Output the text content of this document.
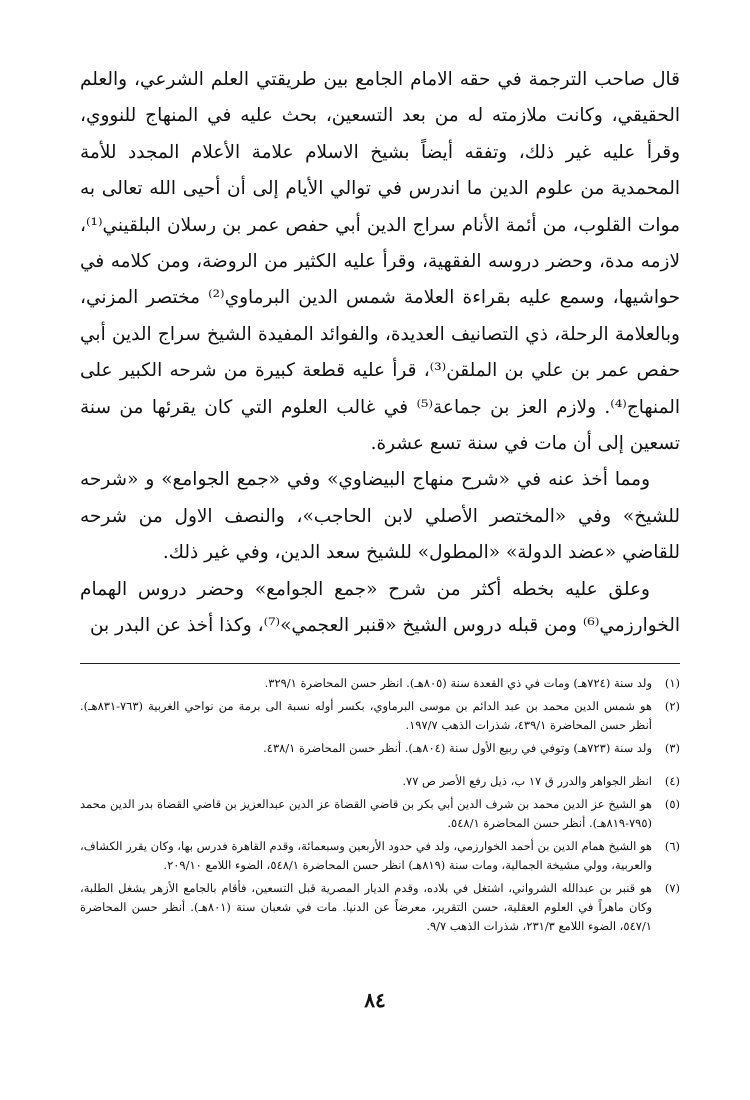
قال صاحب الترجمة في حقه الامام الجامع بين طريقتي العلم الشرعي، والعلم الحقيقي، وكانت ملازمته له من بعد التسعين، بحث عليه في المنهاج للنووي، وقرأ عليه غير ذلك، وتفقه أيضاً بشيخ الاسلام علامة الأعلام المجدد للأمة المحمدية من علوم الدين ما اندرس في توالي الأيام إلى أن أحيى الله تعالى به موات القلوب، من أئمة الأنام سراج الدين أبي حفص عمر بن رسلان البلقيني⁽¹⁾، لازمه مدة، وحضر دروسه الفقهية، وقرأ عليه الكثير من الروضة، ومن كلامه في حواشيها، وسمع عليه بقراءة العلامة شمس الدين البرماوي⁽²⁾ مختصر المزني، وبالعلامة الرحلة، ذي التصانيف العديدة، والفوائد المفيدة الشيخ سراج الدين أبي حفص عمر بن علي بن الملقن⁽³⁾، قرأ عليه قطعة كبيرة من شرحه الكبير على المنهاج⁽⁴⁾. ولازم العز بن جماعة⁽⁵⁾ في غالب العلوم التي كان يقرئها من سنة تسعين إلى أن مات في سنة تسع عشرة.

ومما أخذ عنه في «شرح منهاج البيضاوي» وفي «جمع الجوامع» و «شرحه للشيخ» وفي «المختصر الأصلي لابن الحاجب»، والنصف الاول من شرحه للقاضي «عضد الدولة» «المطول» للشيخ سعد الدين، وفي غير ذلك.

وعلق عليه بخطه أكثر من شرح «جمع الجوامع» وحضر دروس الهمام الخوارزمي⁽⁶⁾ ومن قبله دروس الشيخ «قنبر العجمي»⁽⁷⁾، وكذا أخذ عن البدر بن

(١)
ولد سنة (٧٢٤هـ) ومات في ذي القعدة سنة (٨٠٥هـ). انظر حسن المحاضرة ٣٢٩/١.
(٢)
هو شمس الدين محمد بن عبد الدائم بن موسى البرماوي، بكسر أوله نسبة الى برمة من نواحي الغربية (٧٦٣-٨٣١هـ). أنظر حسن المحاضرة ٤٣٩/١، شذرات الذهب ١٩٧/٧.
(٣)
ولد سنة (٧٢٣هـ) وتوفي في ربيع الأول سنة (٨٠٤هـ). أنظر حسن المحاضرة ٤٣٨/١.
(٤)
انظر الجواهر والدرر ق ١٧ ب، ذيل رفع الأصر ص ٧٧.
(٥)
هو الشيخ عز الدين محمد بن شرف الدين أبي بكر بن قاضي القضاة عز الدين عبدالعزيز بن قاضي القضاة بدر الدين محمد (٧٩٥-٨١٩هـ). أنظر حسن المحاضرة ٥٤٨/١.
(٦)
هو الشيخ همام الدين بن أحمد الخوارزمي، ولد في حدود الأربعين وسبعمائة، وقدم القاهرة فدرس بها، وكان يقرر الكشاف، والعربية، وولي مشيخة الجمالية، ومات سنة (٨١٩هـ) انظر حسن المحاضرة ٥٤٨/١، الضوء اللامع ٢٠٩/١٠.
(٧)
هو قنبر بن عبدالله الشرواني، اشتغل في بلاده، وقدم الديار المصرية قبل التسعين، فأقام بالجامع الأزهر يشغل الطلبة، وكان ماهراً في العلوم العقلية، حسن التقرير، معرضاً عن الدنيا. مات في شعبان سنة (٨٠١هـ). أنظر حسن المحاضرة ٥٤٧/١، الضوء اللامع ٢٣١/٣، شذرات الذهب ٩/٧.
٨٤
